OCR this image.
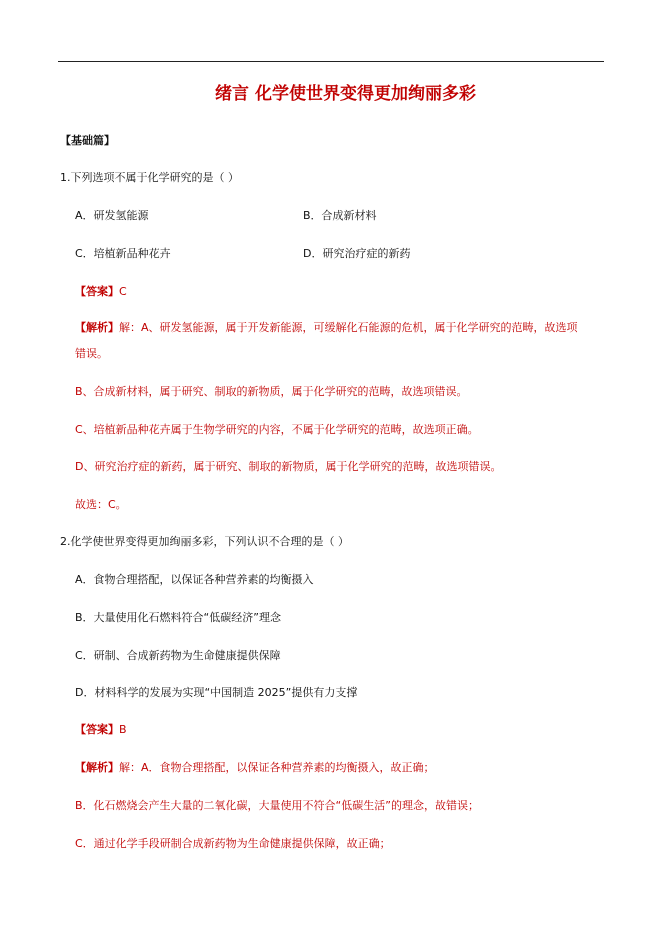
绪言 化学使世界变得更加绚丽多彩
【基础篇】
1.下列选项不属于化学研究的是（ ）
A．研发氢能源	B．合成新材料
C．培植新品种花卉	D．研究治疗症的新药
【答案】C
【解析】解：A、研发氢能源，属于开发新能源，可缓解化石能源的危机，属于化学研究的范畴，故选项
错误。
B、合成新材料，属于研究、制取的新物质，属于化学研究的范畴，故选项错误。
C、培植新品种花卉属于生物学研究的内容，不属于化学研究的范畴，故选项正确。
D、研究治疗症的新药，属于研究、制取的新物质，属于化学研究的范畴，故选项错误。
故选：C。
2.化学使世界变得更加绚丽多彩，下列认识不合理的是（ ）
A．食物合理搭配，以保证各种营养素的均衡摄入
B．大量使用化石燃料符合“低碳经济”理念
C．研制、合成新药物为生命健康提供保障
D．材料科学的发展为实现“中国制造 2025”提供有力支撑
【答案】B
【解析】解：A．食物合理搭配，以保证各种营养素的均衡摄入，故正确；
B．化石燃烧会产生大量的二氧化碳，大量使用不符合“低碳生活”的理念，故错误；
C．通过化学手段研制合成新药物为生命健康提供保障，故正确；
